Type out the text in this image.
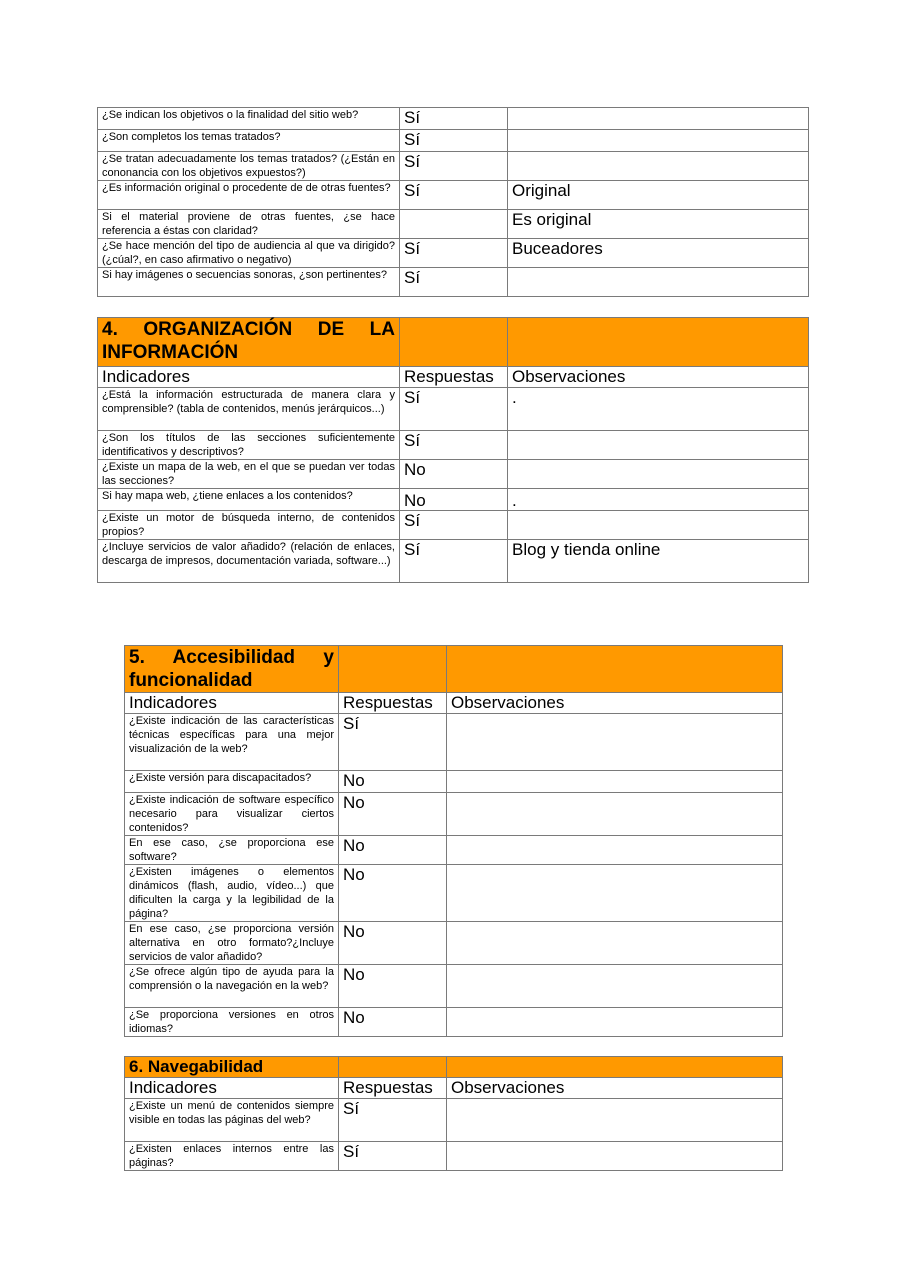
¿Se indican los objetivos o la finalidad del sitio web?	Sí	
¿Son completos los temas tratados?	Sí	
¿Se tratan adecuadamente los temas tratados? (¿Están en cononancia con los objetivos expuestos?)	Sí	
¿Es información original o procedente de de otras fuentes?	Sí	Original
Si el material proviene de otras fuentes, ¿se hace referencia a éstas con claridad?		Es original
¿Se hace mención del tipo de audiencia al que va dirigido? (¿cúal?, en caso afirmativo o negativo)	Sí	Buceadores
Si hay imágenes o secuencias sonoras, ¿son pertinentes?	Sí	
4. ORGANIZACIÓN DE LA INFORMACIÓN		
Indicadores	Respuestas	Observaciones
¿Está la información estructurada de manera clara y comprensible? (tabla de contenidos, menús jerárquicos...)	Sí	.
¿Son los títulos de las secciones suficientemente identificativos y descriptivos?	Sí	
¿Existe un mapa de la web, en el que se puedan ver todas las secciones?	No	
Si hay mapa web, ¿tiene enlaces a los contenidos?	No	.
¿Existe un motor de búsqueda interno, de contenidos propios?	Sí	
¿Incluye servicios de valor añadido? (relación de enlaces, descarga de impresos, documentación variada, software...)	Sí	Blog y tienda online
5. Accesibilidad y funcionalidad		
Indicadores	Respuestas	Observaciones
¿Existe indicación de las características técnicas específicas para una mejor visualización de la web?	Sí	
¿Existe versión para discapacitados?	No	
¿Existe indicación de software específico necesario para visualizar ciertos contenidos?	No	
En ese caso, ¿se proporciona ese software?	No	
¿Existen imágenes o elementos dinámicos (flash, audio, vídeo...) que dificulten la carga y la legibilidad de la página?	No	
En ese caso, ¿se proporciona versión alternativa en otro formato?¿Incluye servicios de valor añadido?	No	
¿Se ofrece algún tipo de ayuda para la comprensión o la navegación en la web?	No	
¿Se proporciona versiones en otros idiomas?	No	
6. Navegabilidad		
Indicadores	Respuestas	Observaciones
¿Existe un menú de contenidos siempre visible en todas las páginas del web?	Sí	
¿Existen enlaces internos entre las páginas?	Sí	
